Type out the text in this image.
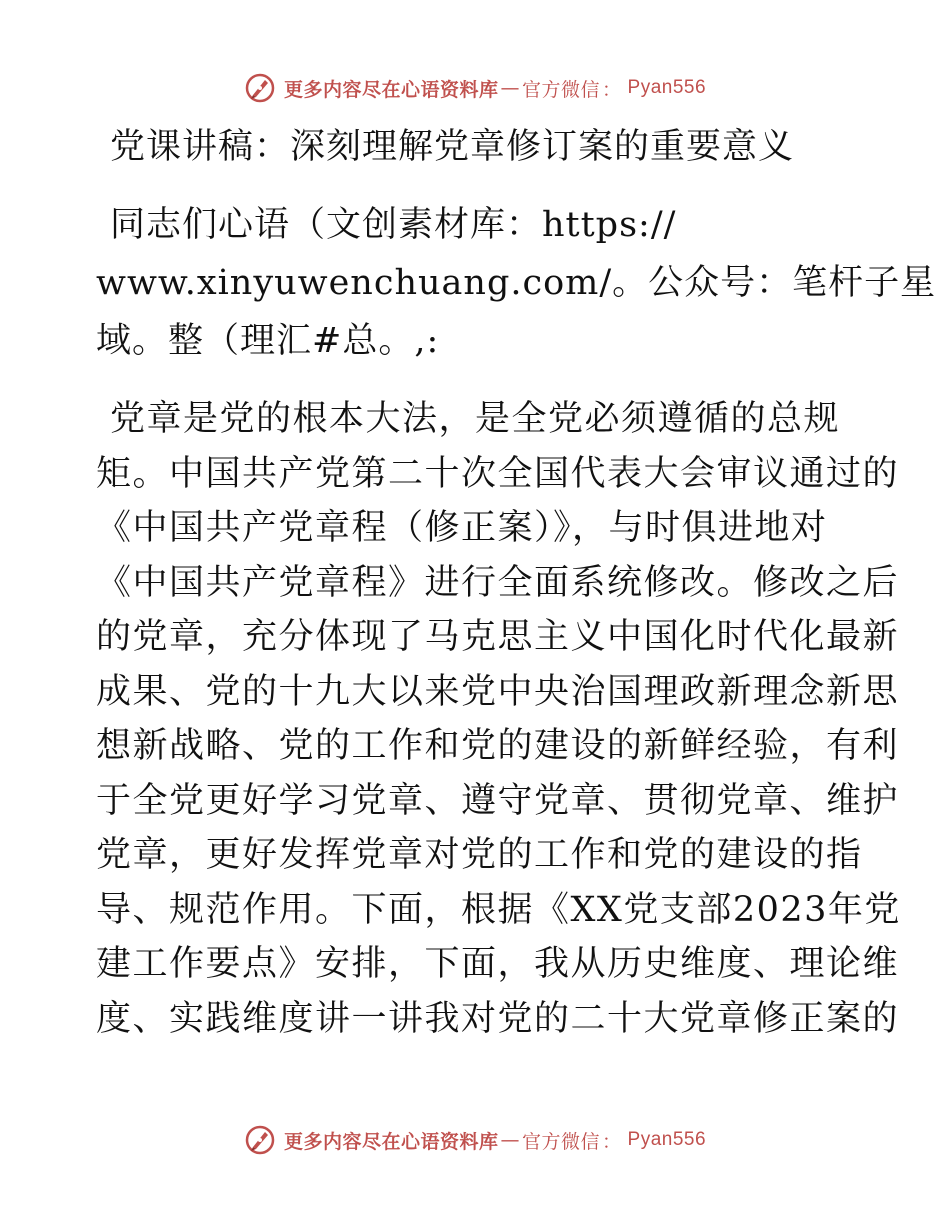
更多内容尽在心语资料库 — 官方微信 ： Pyan556
党课讲稿：深刻理解党章修订案的重要意义

同志们心语（文创素材库：https://
www.xinyuwenchuang.com/。公众号：笔杆子星
域。整（理汇#总。,:

党章是党的根本大法，是全党必须遵循的总规
矩。中国共产党第二十次全国代表大会审议通过的
《中国共产党章程（修正案）》，与时俱进地对
《中国共产党章程》进行全面系统修改。修改之后
的党章，充分体现了马克思主义中国化时代化最新
成果、党的十九大以来党中央治国理政新理念新思
想新战略、党的工作和党的建设的新鲜经验，有利
于全党更好学习党章、遵守党章、贯彻党章、维护
党章，更好发挥党章对党的工作和党的建设的指
导、规范作用。下面，根据《XX党支部2023年党
建工作要点》安排，下面，我从历史维度、理论维
度、实践维度讲一讲我对党的二十大党章修正案的

更多内容尽在心语资料库 — 官方微信 ： Pyan556
